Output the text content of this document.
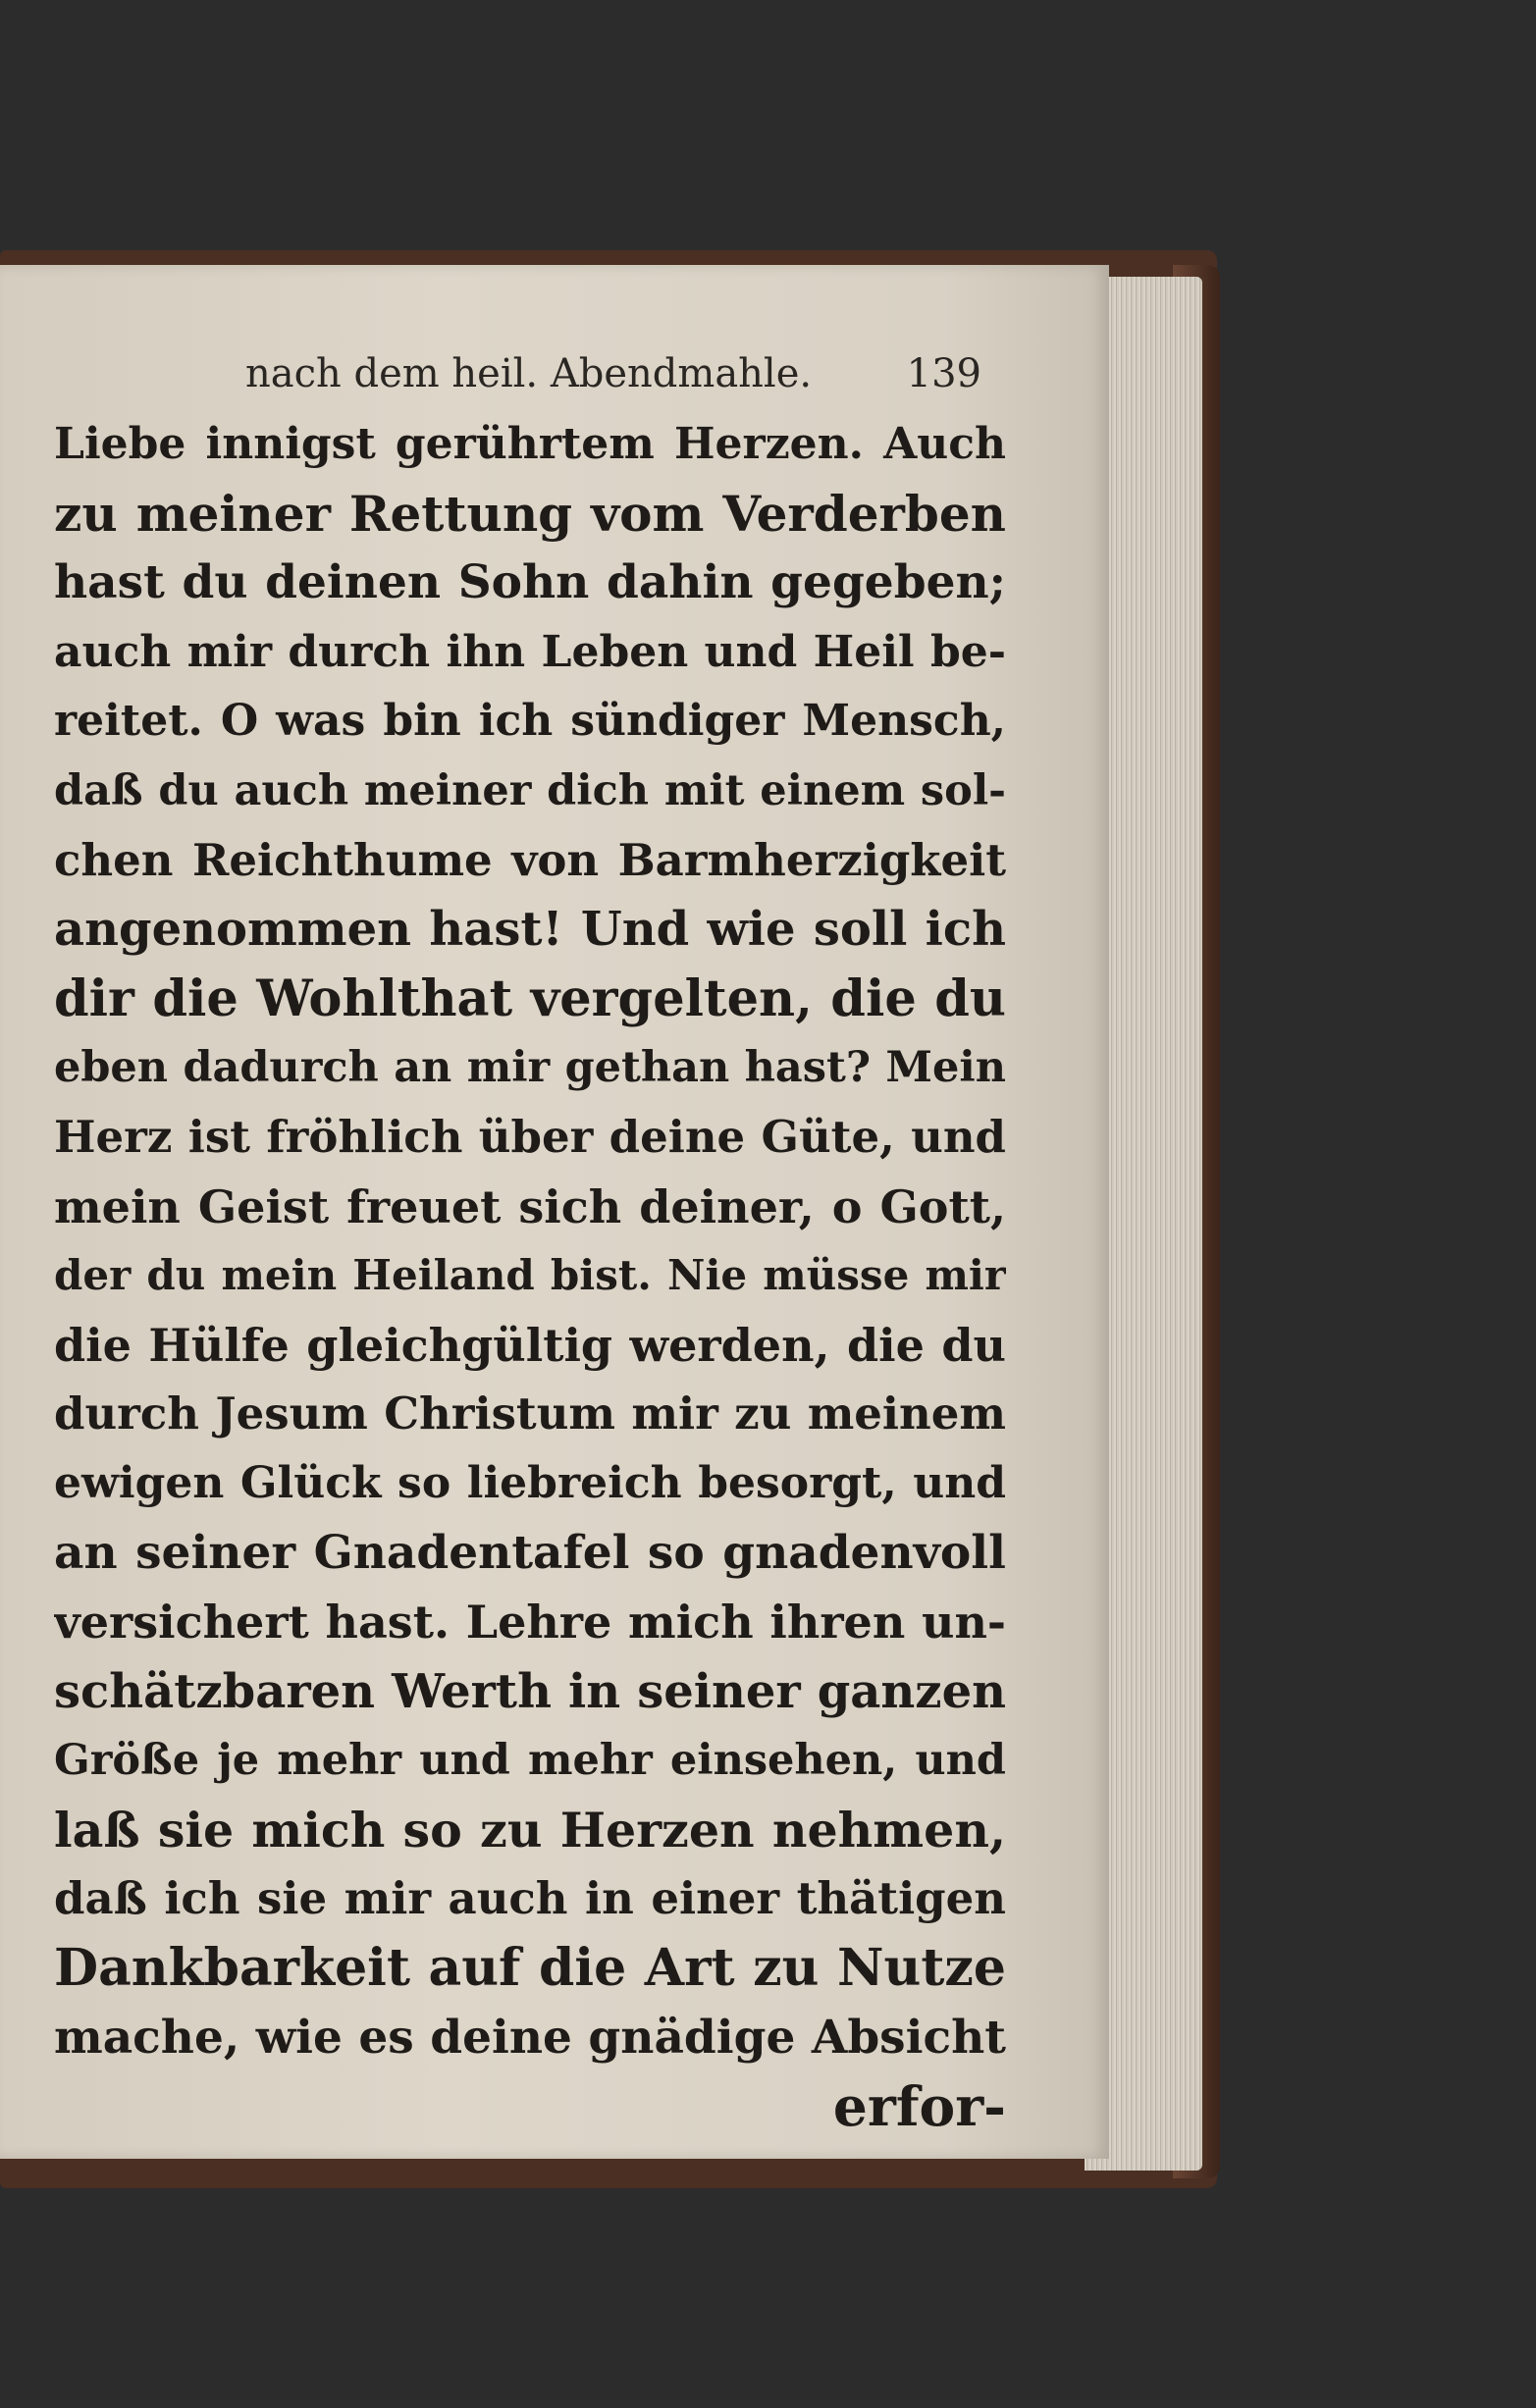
nach dem heil. Abendmahle. 139
Liebe innigst gerührtem Herzen. Auch
zu meiner Rettung vom Verderben
hast du deinen Sohn dahin gegeben;
auch mir durch ihn Leben und Heil be-
reitet. O was bin ich sündiger Mensch,
daß du auch meiner dich mit einem sol-
chen Reichthume von Barmherzigkeit
angenommen hast! Und wie soll ich
dir die Wohlthat vergelten, die du
eben dadurch an mir gethan hast? Mein
Herz ist fröhlich über deine Güte, und
mein Geist freuet sich deiner, o Gott,
der du mein Heiland bist. Nie müsse mir
die Hülfe gleichgültig werden, die du
durch Jesum Christum mir zu meinem
ewigen Glück so liebreich besorgt, und
an seiner Gnadentafel so gnadenvoll
versichert hast. Lehre mich ihren un-
schätzbaren Werth in seiner ganzen
Größe je mehr und mehr einsehen, und
laß sie mich so zu Herzen nehmen,
daß ich sie mir auch in einer thätigen
Dankbarkeit auf die Art zu Nutze
mache, wie es deine gnädige Absicht
erfor-
